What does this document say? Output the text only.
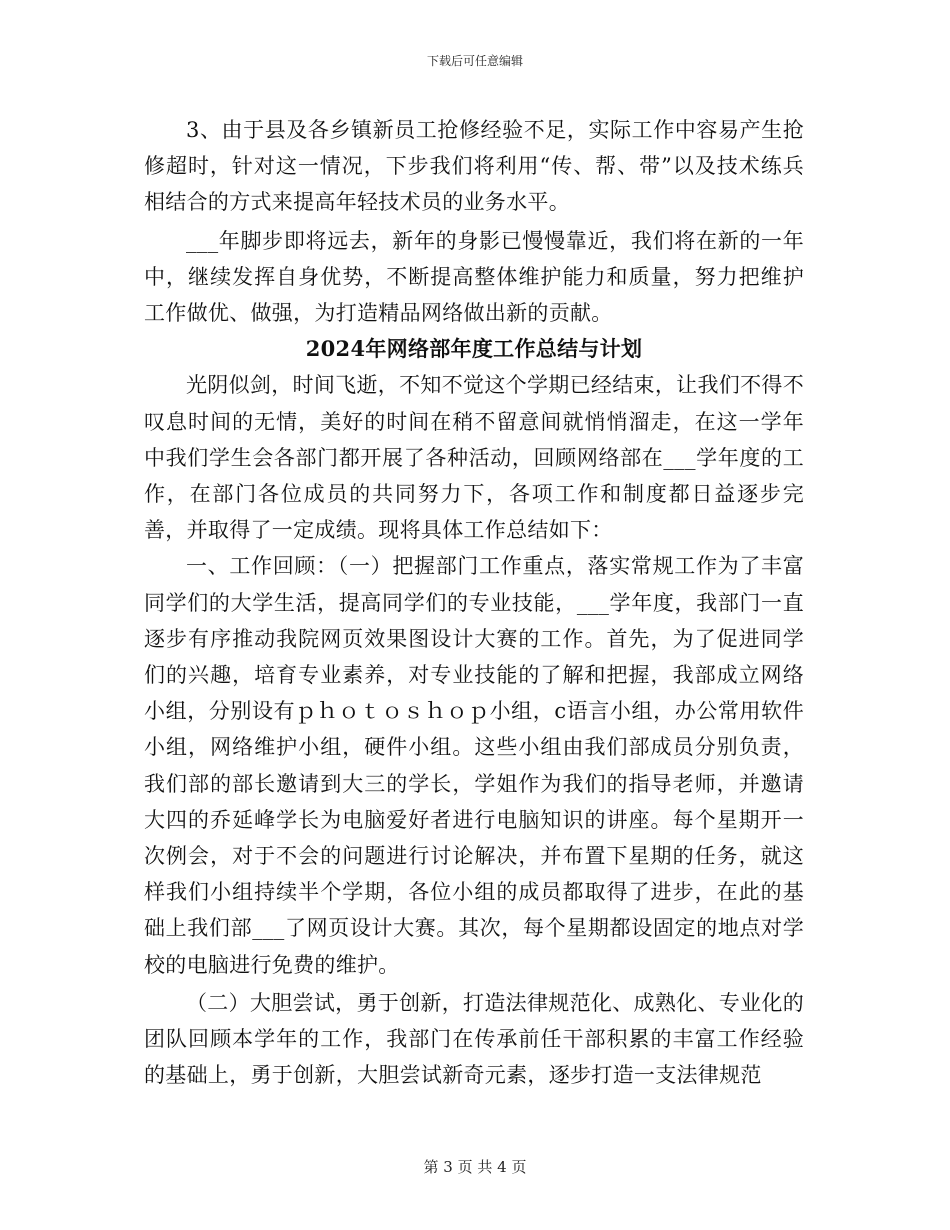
下载后可任意编辑

3、由于县及各乡镇新员工抢修经验不足，实际工作中容易产生抢修超时，针对这一情况，下步我们将利用“传、帮、带”以及技术练兵相结合的方式来提高年轻技术员的业务水平。

___年脚步即将远去，新年的身影已慢慢靠近，我们将在新的一年中，继续发挥自身优势，不断提高整体维护能力和质量，努力把维护工作做优、做强，为打造精品网络做出新的贡献。

2024年网络部年度工作总结与计划

光阴似剑，时间飞逝，不知不觉这个学期已经结束，让我们不得不叹息时间的无情，美好的时间在稍不留意间就悄悄溜走，在这一学年中我们学生会各部门都开展了各种活动，回顾网络部在___学年度的工作，在部门各位成员的共同努力下，各项工作和制度都日益逐步完善，并取得了一定成绩。现将具体工作总结如下：

一、工作回顾：（一）把握部门工作重点，落实常规工作为了丰富同学们的大学生活，提高同学们的专业技能，___学年度，我部门一直逐步有序推动我院网页效果图设计大赛的工作。首先，为了促进同学们的兴趣，培育专业素养，对专业技能的了解和把握，我部成立网络小组，分别设有ｐｈｏｔｏｓｈｏｐ小组，c语言小组，办公常用软件小组，网络维护小组，硬件小组。这些小组由我们部成员分别负责，我们部的部长邀请到大三的学长，学姐作为我们的指导老师，并邀请大四的乔延峰学长为电脑爱好者进行电脑知识的讲座。每个星期开一次例会，对于不会的问题进行讨论解决，并布置下星期的任务，就这样我们小组持续半个学期，各位小组的成员都取得了进步，在此的基础上我们部___了网页设计大赛。其次，每个星期都设固定的地点对学校的电脑进行免费的维护。

（二）大胆尝试，勇于创新，打造法律规范化、成熟化、专业化的团队回顾本学年的工作，我部门在传承前任干部积累的丰富工作经验的基础上，勇于创新，大胆尝试新奇元素，逐步打造一支法律规范

第 3 页 共 4 页
